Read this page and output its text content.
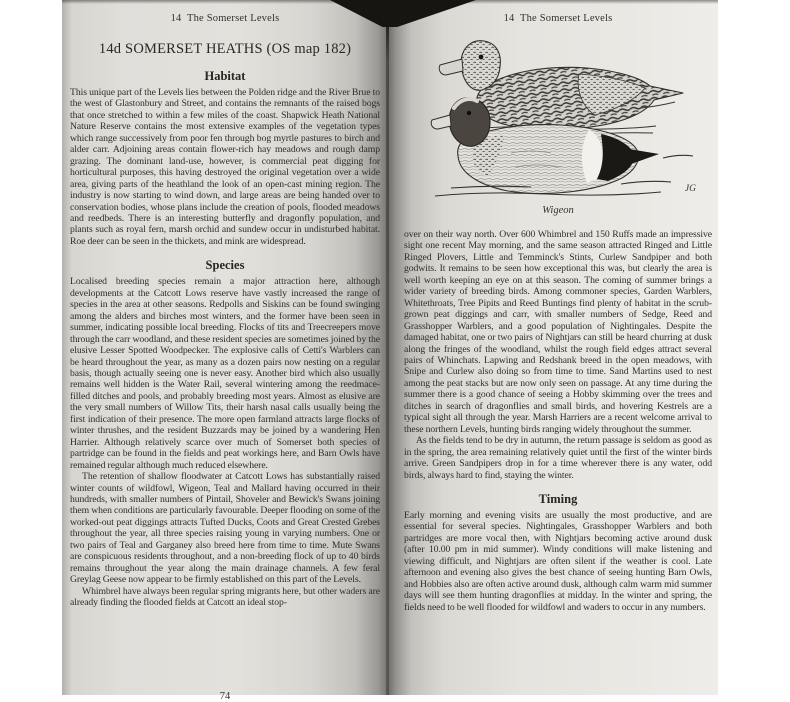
14  The Somerset Levels
14d SOMERSET HEATHS (OS map 182)
Habitat

This unique part of the Levels lies between the Polden ridge and the River Brue to the west of Glastonbury and Street, and contains the remnants of the raised bogs that once stretched to within a few miles of the coast. Shapwick Heath National Nature Reserve contains the most extensive examples of the vegetation types which range successively from poor fen through bog myrtle pastures to birch and alder carr. Adjoining areas contain flower-rich hay meadows and rough damp grazing. The dominant land-use, however, is commercial peat digging for horticultural purposes, this having destroyed the original vegetation over a wide area, giving parts of the heathland the look of an open-cast mining region. The industry is now starting to wind down, and large areas are being handed over to conservation bodies, whose plans include the creation of pools, flooded meadows and reedbeds. There is an interesting butterfly and dragonfly population, and plants such as royal fern, marsh orchid and sundew occur in undisturbed habitat. Roe deer can be seen in the thickets, and mink are widespread.

Species

Localised breeding species remain a major attraction here, although developments at the Catcott Lows reserve have vastly increased the range of species in the area at other seasons. Redpolls and Siskins can be found swinging among the alders and birches most winters, and the former have been seen in summer, indicating possible local breeding. Flocks of tits and Treecreepers move through the carr woodland, and these resident species are sometimes joined by the elusive Lesser Spotted Woodpecker. The explosive calls of Cetti's Warblers can be heard throughout the year, as many as a dozen pairs now nesting on a regular basis, though actually seeing one is never easy. Another bird which also usually remains well hidden is the Water Rail, several wintering among the reedmace-filled ditches and pools, and probably breeding most years. Almost as elusive are the very small numbers of Willow Tits, their harsh nasal calls usually being the first indication of their presence. The more open farmland attracts large flocks of winter thrushes, and the resident Buzzards may be joined by a wandering Hen Harrier. Although relatively scarce over much of Somerset both species of partridge can be found in the fields and peat workings here, and Barn Owls have remained regular although much reduced elsewhere.

The retention of shallow floodwater at Catcott Lows has substantially raised winter counts of wildfowl, Wigeon, Teal and Mallard having occurred in their hundreds, with smaller numbers of Pintail, Shoveler and Bewick's Swans joining them when conditions are particularly favourable. Deeper flooding on some of the worked-out peat diggings attracts Tufted Ducks, Coots and Great Crested Grebes throughout the year, all three species raising young in varying numbers. One or two pairs of Teal and Garganey also breed here from time to time. Mute Swans are conspicuous residents throughout, and a non-breeding flock of up to 40 birds remains throughout the year along the main drainage channels. A few feral Greylag Geese now appear to be firmly established on this part of the Levels.

Whimbrel have always been regular spring migrants here, but other waders are already finding the flooded fields at Catcott an ideal stop-

74
14  The Somerset Levels
JG
Wigeon

over on their way north. Over 600 Whimbrel and 150 Ruffs made an impressive sight one recent May morning, and the same season attracted Ringed and Little Ringed Plovers, Little and Temminck's Stints, Curlew Sandpiper and both godwits. It remains to be seen how exceptional this was, but clearly the area is well worth keeping an eye on at this season. The coming of summer brings a wider variety of breeding birds. Among commoner species, Garden Warblers, Whitethroats, Tree Pipits and Reed Buntings find plenty of habitat in the scrub-grown peat diggings and carr, with smaller numbers of Sedge, Reed and Grasshopper Warblers, and a good population of Nightingales. Despite the damaged habitat, one or two pairs of Nightjars can still be heard churring at dusk along the fringes of the woodland, whilst the rough field edges attract several pairs of Whinchats. Lapwing and Redshank breed in the open meadows, with Snipe and Curlew also doing so from time to time. Sand Martins used to nest among the peat stacks but are now only seen on passage. At any time during the summer there is a good chance of seeing a Hobby skimming over the trees and ditches in search of dragonflies and small birds, and hovering Kestrels are a typical sight all through the year. Marsh Harriers are a recent welcome arrival to these northern Levels, hunting birds ranging widely throughout the summer.

As the fields tend to be dry in autumn, the return passage is seldom as good as in the spring, the area remaining relatively quiet until the first of the winter birds arrive. Green Sandpipers drop in for a time wherever there is any water, odd birds, always hard to find, staying the winter.

Timing

Early morning and evening visits are usually the most productive, and are essential for several species. Nightingales, Grasshopper Warblers and both partridges are more vocal then, with Nightjars becoming active around dusk (after 10.00 pm in mid summer). Windy conditions will make listening and viewing difficult, and Nightjars are often silent if the weather is cool. Late afternoon and evening also gives the best chance of seeing hunting Barn Owls, and Hobbies also are often active around dusk, although calm warm mid summer days will see them hunting dragonflies at midday. In the winter and spring, the fields need to be well flooded for wildfowl and waders to occur in any numbers.
